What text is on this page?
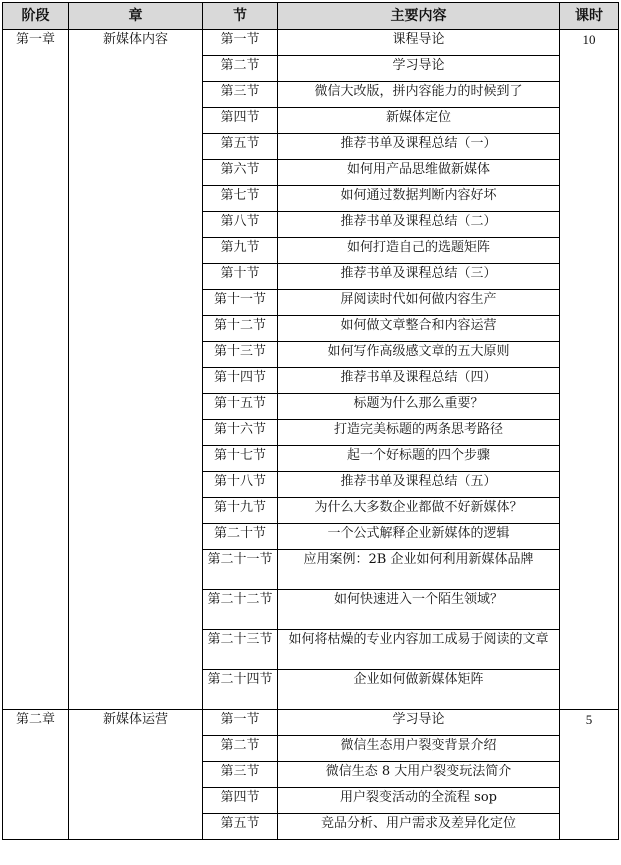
阶段	章	节	主要内容	课时
第一章	新媒体内容	第一节	课程导论	10
		第二节	学习导论	
		第三节	微信大改版，拼内容能力的时候到了	
		第四节	新媒体定位	
		第五节	推荐书单及课程总结（一）	
		第六节	如何用产品思维做新媒体	
		第七节	如何通过数据判断内容好坏	
		第八节	推荐书单及课程总结（二）	
		第九节	如何打造自己的选题矩阵	
		第十节	推荐书单及课程总结（三）	
		第十一节	屏阅读时代如何做内容生产	
		第十二节	如何做文章整合和内容运营	
		第十三节	如何写作高级感文章的五大原则	
		第十四节	推荐书单及课程总结（四）	
		第十五节	标题为什么那么重要？	
		第十六节	打造完美标题的两条思考路径	
		第十七节	起一个好标题的四个步骤	
		第十八节	推荐书单及课程总结（五）	
		第十九节	为什么大多数企业都做不好新媒体？	
		第二十节	一个公式解释企业新媒体的逻辑	
		第二十一节	应用案例：2B 企业如何利用新媒体品牌	
		第二十二节	如何快速进入一个陌生领域？	
		第二十三节	如何将枯燥的专业内容加工成易于阅读的文章	
		第二十四节	企业如何做新媒体矩阵	
第二章	新媒体运营	第一节	学习导论	5
		第二节	微信生态用户裂变背景介绍	
		第三节	微信生态 8 大用户裂变玩法简介	
		第四节	用户裂变活动的全流程 sop	
		第五节	竞品分析、用户需求及差异化定位	
